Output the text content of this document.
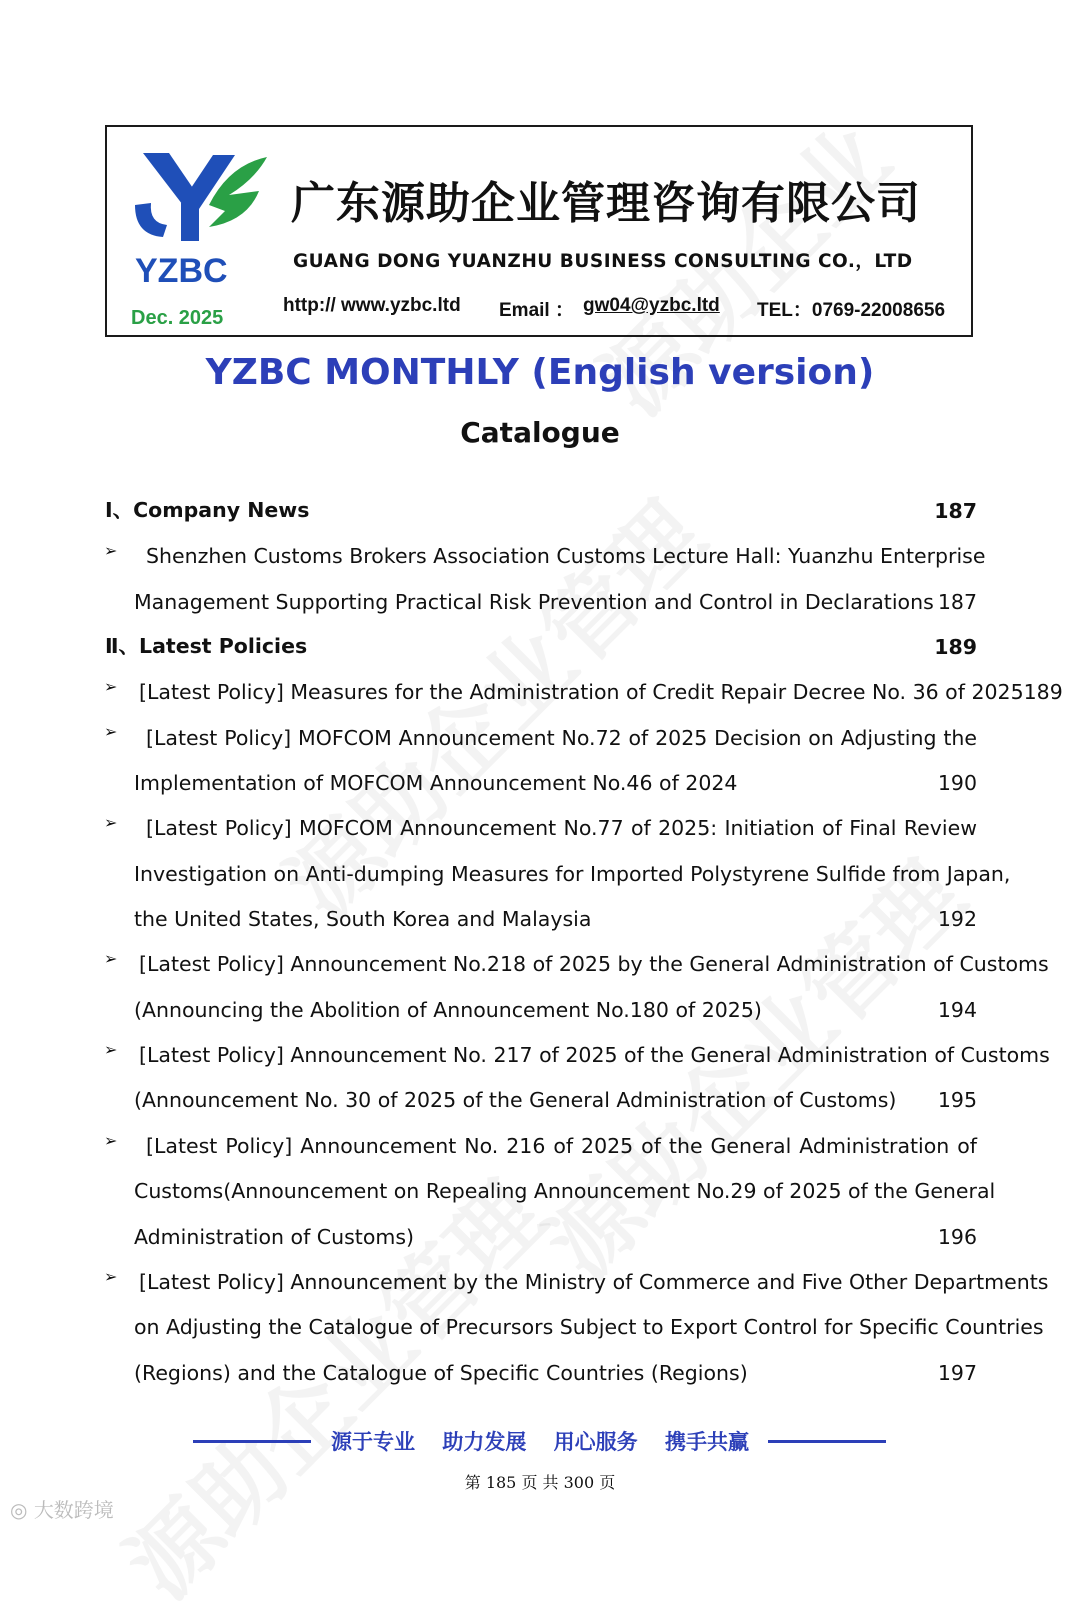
YZBC
Dec. 2025
广东源助企业管理咨询有限公司
GUANG DONG YUANZHU BUSINESS CONSULTING CO.，LTD
http:// www.yzbc.ltd Email ： gw04@yzbc.ltd TEL：0769-22008656
YZBC MONTHLY (English version)
Catalogue
Ⅰ、Company News .....	187
➢ Shenzhen Customs Brokers Association Customs Lecture Hall: Yuanzhu Enterprise
Management Supporting Practical Risk Prevention and Control in Declarations ..... 187
Ⅱ、Latest Policies .....	189
➢ [Latest Policy] Measures for the Administration of Credit Repair Decree No. 36 of 2025 189
➢ [Latest Policy] MOFCOM Announcement No.72 of 2025 Decision on Adjusting the
Implementation of MOFCOM Announcement No.46 of 2024 .....	190
➢ [Latest Policy] MOFCOM Announcement No.77 of 2025: Initiation of Final Review
Investigation on Anti-dumping Measures for Imported Polystyrene Sulfide from Japan,
the United States, South Korea and Malaysia .....	192
➢ [Latest Policy] Announcement No.218 of 2025 by the General Administration of Customs
(Announcing the Abolition of Announcement No.180 of 2025) .....	194
➢ [Latest Policy] Announcement No. 217 of 2025 of the General Administration of Customs
(Announcement No. 30 of 2025 of the General Administration of Customs) ..... 195
➢ [Latest Policy] Announcement No. 216 of 2025 of the General Administration of
Customs(Announcement on Repealing Announcement No.29 of 2025 of the General
Administration of Customs) .....	196
➢ [Latest Policy] Announcement by the Ministry of Commerce and Five Other Departments
on Adjusting the Catalogue of Precursors Subject to Export Control for Specific Countries
(Regions) and the Catalogue of Specific Countries (Regions) .....	197
源于专业 助力发展 用心服务 携手共赢
第 185 页 共 300 页
◎ 大数跨境
